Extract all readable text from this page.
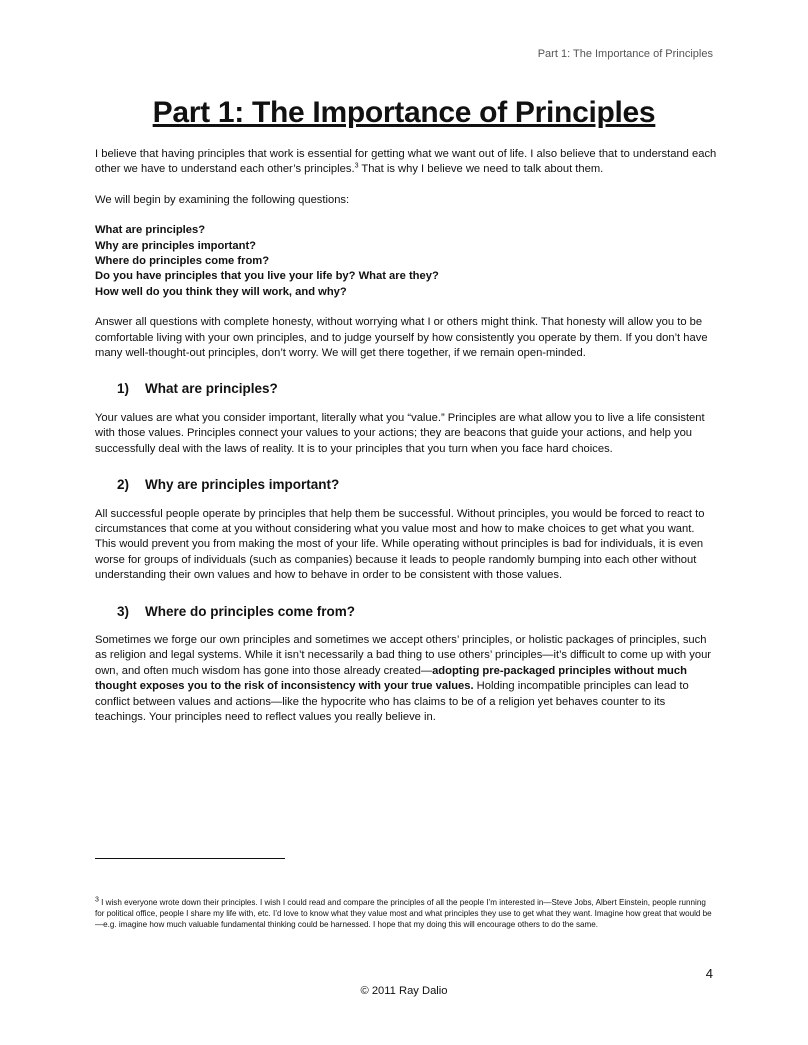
Part 1: The Importance of Principles
Part 1: The Importance of Principles

I believe that having principles that work is essential for getting what we want out of life. I also believe that to understand each other we have to understand each other’s principles.$^3$ That is why I believe we need to talk about them.

We will begin by examining the following questions:

What are principles?
Why are principles important?
Where do principles come from?
Do you have principles that you live your life by? What are they?
How well do you think they will work, and why?

Answer all questions with complete honesty, without worrying what I or others might think. That honesty will allow you to be comfortable living with your own principles, and to judge yourself by how consistently you operate by them. If you don’t have many well-thought-out principles, don’t worry. We will get there together, if we remain open-minded.

1)	What are principles?

Your values are what you consider important, literally what you “value.” Principles are what allow you to live a life consistent with those values. Principles connect your values to your actions; they are beacons that guide your actions, and help you successfully deal with the laws of reality. It is to your principles that you turn when you face hard choices.

2)	Why are principles important?

All successful people operate by principles that help them be successful. Without principles, you would be forced to react to circumstances that come at you without considering what you value most and how to make choices to get what you want. This would prevent you from making the most of your life. While operating without principles is bad for individuals, it is even worse for groups of individuals (such as companies) because it leads to people randomly bumping into each other without understanding their own values and how to behave in order to be consistent with those values.

3)	Where do principles come from?

Sometimes we forge our own principles and sometimes we accept others’ principles, or holistic packages of principles, such as religion and legal systems. While it isn’t necessarily a bad thing to use others’ principles—it’s difficult to come up with your own, and often much wisdom has gone into those already created—adopting pre-packaged principles without much thought exposes you to the risk of inconsistency with your true values. Holding incompatible principles can lead to conflict between values and actions—like the hypocrite who has claims to be of a religion yet behaves counter to its teachings. Your principles need to reflect values you really believe in.

$^3$ I wish everyone wrote down their principles. I wish I could read and compare the principles of all the people I’m interested in—Steve Jobs, Albert Einstein, people running for political office, people I share my life with, etc. I’d love to know what they value most and what principles they use to get what they want. Imagine how great that would be—e.g. imagine how much valuable fundamental thinking could be harnessed. I hope that my doing this will encourage others to do the same.
4
© 2011 Ray Dalio
